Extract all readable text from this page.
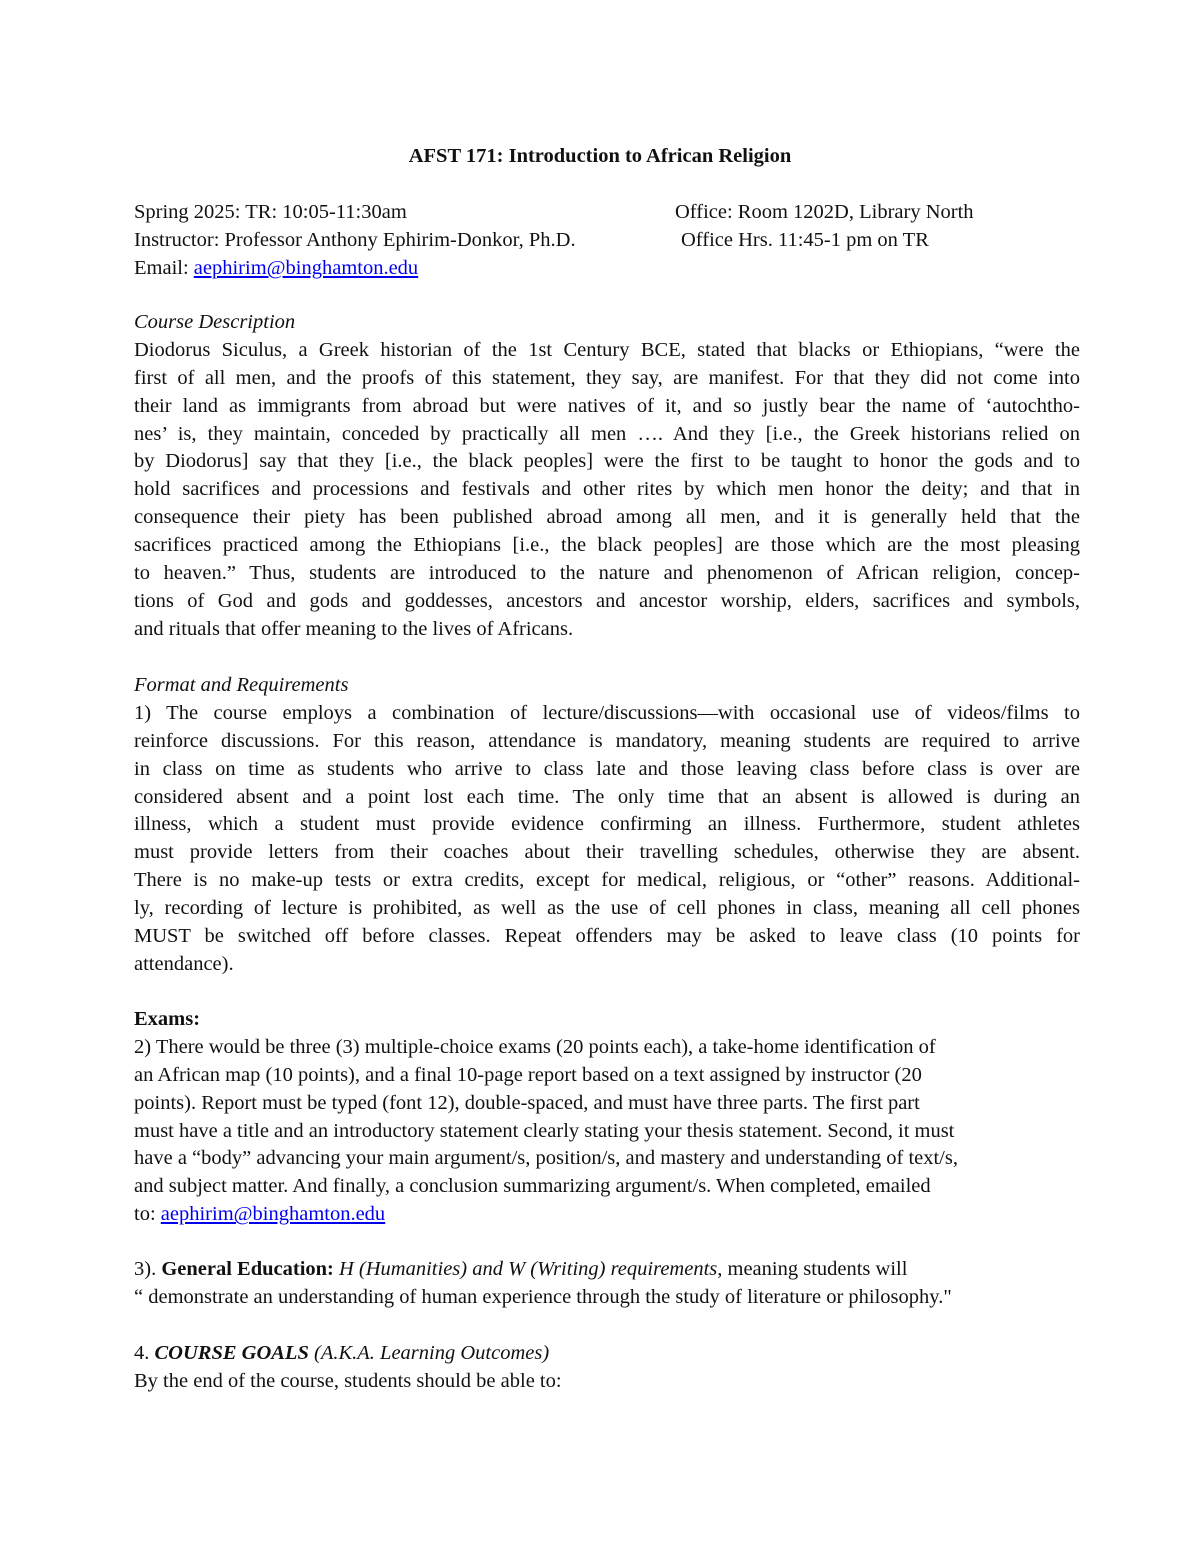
AFST 171: Introduction to African Religion
Spring 2025: TR: 10:05-11:30am
Instructor: Professor Anthony Ephirim-Donkor, Ph.D.
Email: aephirim@binghamton.edu
Office: Room 1202D, Library North
Office Hrs. 11:45-1 pm on TR
Course Description
Diodorus Siculus, a Greek historian of the 1st Century BCE, stated that blacks or Ethiopians, “were the
first of all men, and the proofs of this statement, they say, are manifest. For that they did not come into
their land as immigrants from abroad but were natives of it, and so justly bear the name of ‘autochtho-
nes’ is, they maintain, conceded by practically all men …. And they [i.e., the Greek historians relied on
by Diodorus] say that they [i.e., the black peoples] were the first to be taught to honor the gods and to
hold sacrifices and processions and festivals and other rites by which men honor the deity; and that in
consequence their piety has been published abroad among all men, and it is generally held that the
sacrifices practiced among the Ethiopians [i.e., the black peoples] are those which are the most pleasing
to heaven.” Thus, students are introduced to the nature and phenomenon of African religion, concep-
tions of God and gods and goddesses, ancestors and ancestor worship, elders, sacrifices and symbols,
and rituals that offer meaning to the lives of Africans.
Format and Requirements
1) The course employs a combination of lecture/discussions—with occasional use of videos/films to
reinforce discussions. For this reason, attendance is mandatory, meaning students are required to arrive
in class on time as students who arrive to class late and those leaving class before class is over are
considered absent and a point lost each time. The only time that an absent is allowed is during an
illness, which a student must provide evidence confirming an illness. Furthermore, student athletes
must provide letters from their coaches about their travelling schedules, otherwise they are absent.
There is no make-up tests or extra credits, except for medical, religious, or “other” reasons. Additional-
ly, recording of lecture is prohibited, as well as the use of cell phones in class, meaning all cell phones
MUST be switched off before classes. Repeat offenders may be asked to leave class (10 points for
attendance).
Exams:
2) There would be three (3) multiple-choice exams (20 points each), a take-home identification of
an African map (10 points), and a final 10-page report based on a text assigned by instructor (20
points). Report must be typed (font 12), double-spaced, and must have three parts. The first part
must have a title and an introductory statement clearly stating your thesis statement. Second, it must
have a “body” advancing your main argument/s, position/s, and mastery and understanding of text/s,
and subject matter. And finally, a conclusion summarizing argument/s. When completed, emailed
to: aephirim@binghamton.edu
3). General Education: H (Humanities) and W (Writing) requirements, meaning students will
“ demonstrate an understanding of human experience through the study of literature or philosophy."
4. COURSE GOALS (A.K.A. Learning Outcomes)
By the end of the course, students should be able to:
